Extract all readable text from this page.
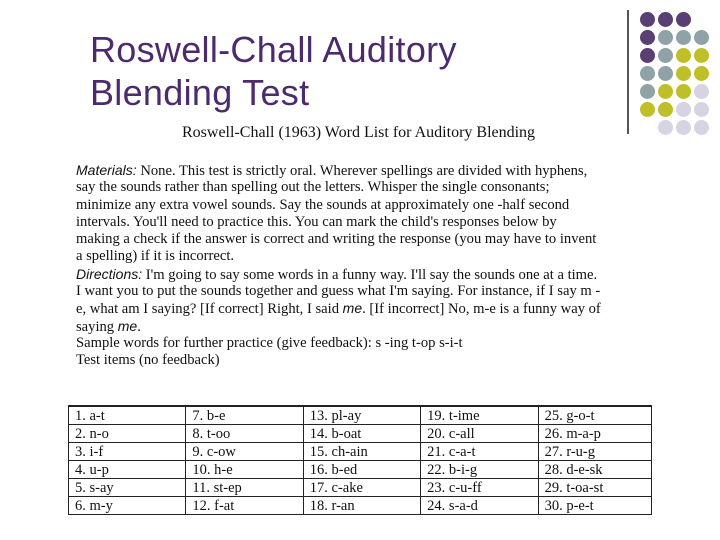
Roswell-Chall Auditory
Blending Test
Roswell-Chall (1963) Word List for Auditory Blending
Materials: None. This test is strictly oral. Wherever spellings are divided with hyphens,
say the sounds rather than spelling out the letters. Whisper the single consonants;
minimize any extra vowel sounds. Say the sounds at approximately one -half second
intervals. You'll need to practice this. You can mark the child's responses below by
making a check if the answer is correct and writing the response (you may have to invent
a spelling) if it is incorrect.
Directions: I'm going to say some words in a funny way. I'll say the sounds one at a time.
I want you to put the sounds together and guess what I'm saying. For instance, if I say m -
e, what am I saying? [If correct] Right, I said me. [If incorrect] No, m-e is a funny way of
saying me.
Sample words for further practice (give feedback): s -ing t-op s-i-t
Test items (no feedback)
1. a-t	7. b-e	13. pl-ay	19. t-ime	25. g-o-t
2. n-o	8. t-oo	14. b-oat	20. c-all	26. m-a-p
3. i-f	9. c-ow	15. ch-ain	21. c-a-t	27. r-u-g
4. u-p	10. h-e	16. b-ed	22. b-i-g	28. d-e-sk
5. s-ay	11. st-ep	17. c-ake	23. c-u-ff	29. t-oa-st
6. m-y	12. f-at	18. r-an	24. s-a-d	30. p-e-t
